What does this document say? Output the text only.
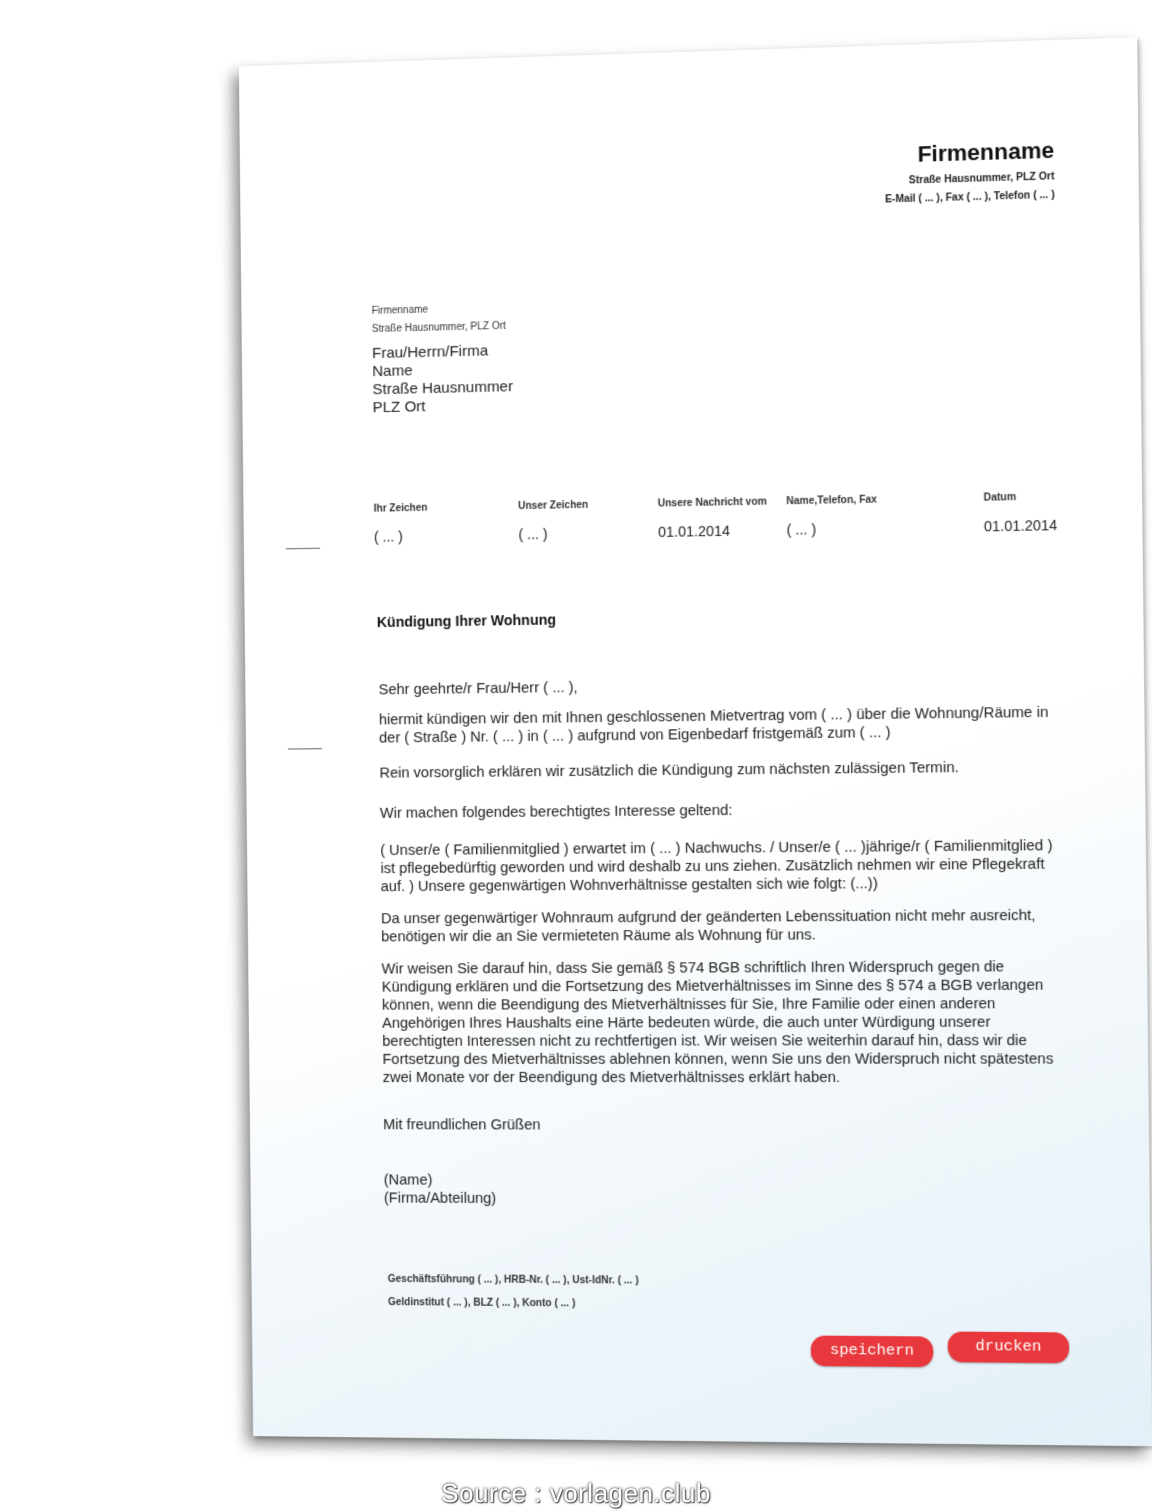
Firmenname
Straße Hausnummer, PLZ Ort
E-Mail ( ... ), Fax ( ... ), Telefon ( ... )
Firmenname
Straße Hausnummer, PLZ Ort
Frau/Herrn/Firma
Name
Straße Hausnummer
PLZ Ort
Ihr Zeichen
( ... )
Unser Zeichen
( ... )
Unsere Nachricht vom
01.01.2014
Name,Telefon, Fax
( ... )
Datum
01.01.2014
Kündigung Ihrer Wohnung
Sehr geehrte/r Frau/Herr ( ... ),
hiermit kündigen wir den mit Ihnen geschlossenen Mietvertrag vom ( ... ) über die Wohnung/Räume in der ( Straße ) Nr. ( ... ) in ( ... ) aufgrund von Eigenbedarf fristgemäß zum ( ... )
Rein vorsorglich erklären wir zusätzlich die Kündigung zum nächsten zulässigen Termin.
Wir machen folgendes berechtigtes Interesse geltend:
( Unser/e ( Familienmitglied ) erwartet im ( ... ) Nachwuchs. / Unser/e ( ... )jährige/r ( Familienmitglied ) ist pflegebedürftig geworden und wird deshalb zu uns ziehen. Zusätzlich nehmen wir eine Pflegekraft auf. ) Unsere gegenwärtigen Wohnverhältnisse gestalten sich wie folgt: (...))
Da unser gegenwärtiger Wohnraum aufgrund der geänderten Lebenssituation nicht mehr ausreicht, benötigen wir die an Sie vermieteten Räume als Wohnung für uns.
Wir weisen Sie darauf hin, dass Sie gemäß § 574 BGB schriftlich Ihren Widerspruch gegen die Kündigung erklären und die Fortsetzung des Mietverhältnisses im Sinne des § 574 a BGB verlangen können, wenn die Beendigung des Mietverhältnisses für Sie, Ihre Familie oder einen anderen Angehörigen Ihres Haushalts eine Härte bedeuten würde, die auch unter Würdigung unserer berechtigten Interessen nicht zu rechtfertigen ist. Wir weisen Sie weiterhin darauf hin, dass wir die Fortsetzung des Mietverhältnisses ablehnen können, wenn Sie uns den Widerspruch nicht spätestens zwei Monate vor der Beendigung des Mietverhältnisses erklärt haben.
Mit freundlichen Grüßen
(Name)
(Firma/Abteilung)
Geschäftsführung ( ... ), HRB-Nr. ( ... ), Ust-IdNr. ( ... )
Geldinstitut ( ... ), BLZ ( ... ), Konto ( ... )
speichern	drucken
Source : vorlagen.club
